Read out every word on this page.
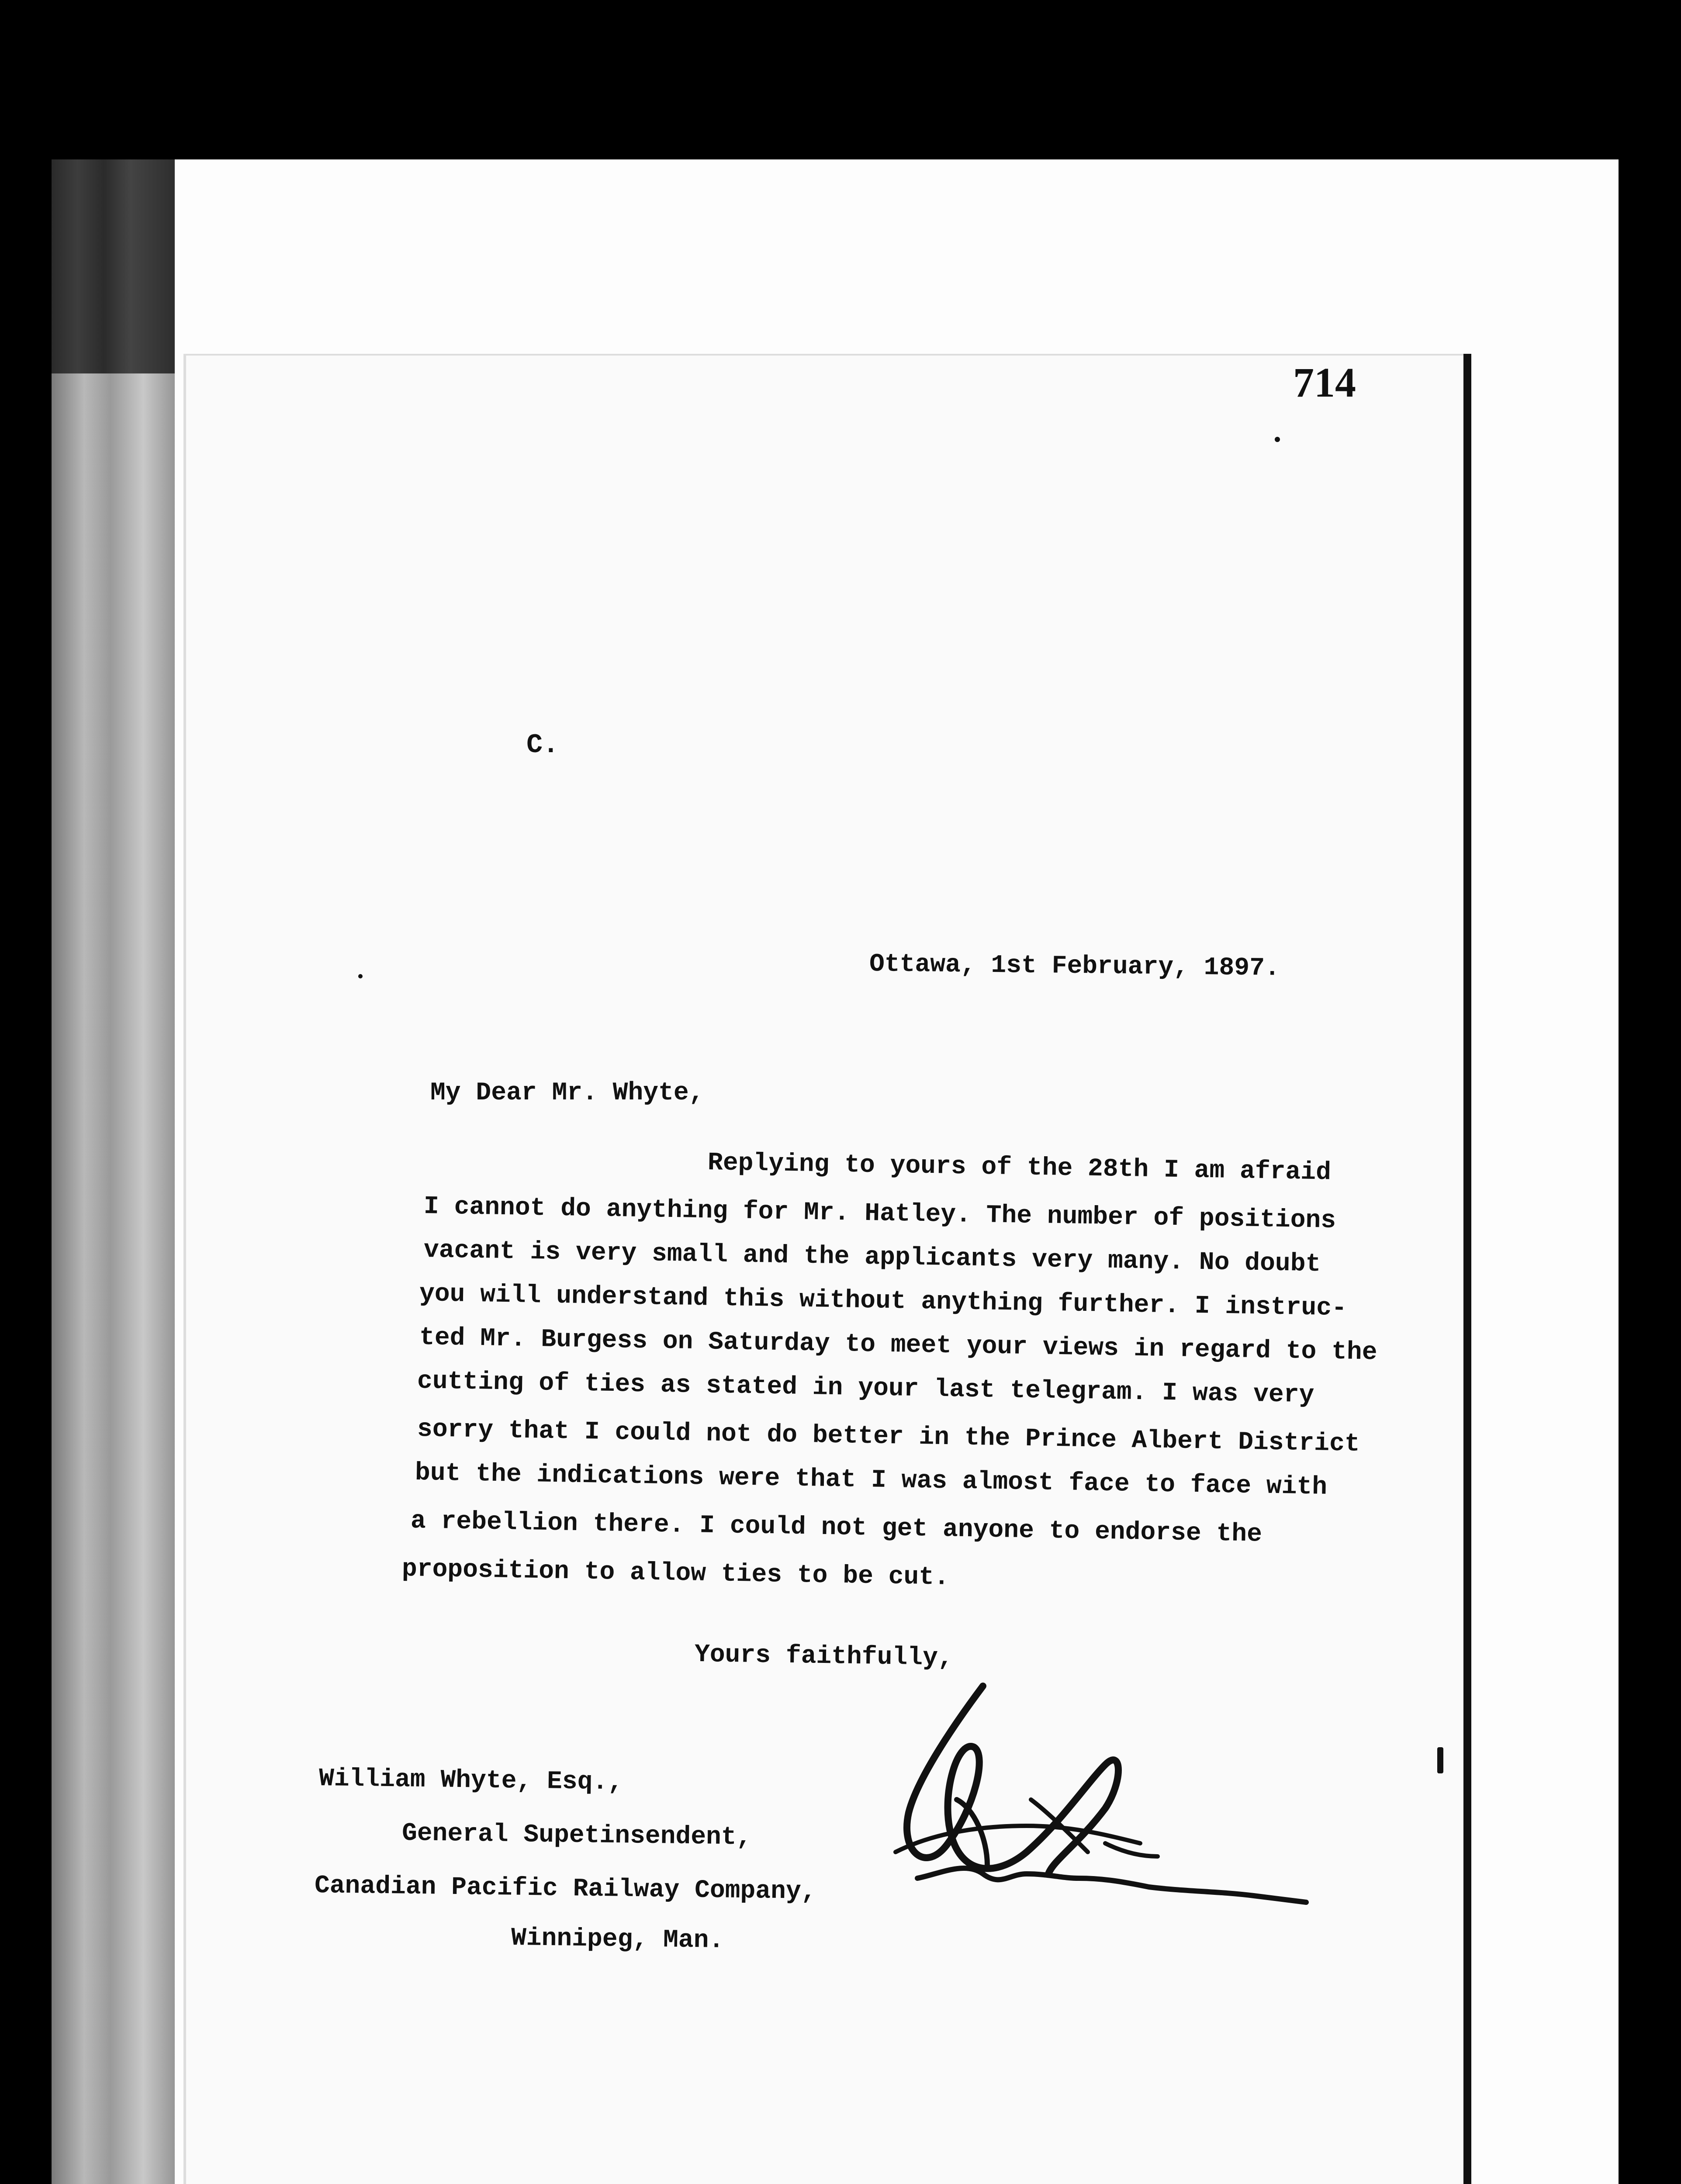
714
C.
Ottawa, 1st February, 1897.
My Dear Mr. Whyte,
Replying to yours of the 28th I am afraid
I cannot do anything for Mr. Hatley. The number of positions
vacant is very small and the applicants very many. No doubt
you will understand this without anything further. I instruc-
ted Mr. Burgess on Saturday to meet your views in regard to the
cutting of ties as stated in your last telegram. I was very
sorry that I could not do better in the Prince Albert District
but the indications were that I was almost face to face with
a rebellion there. I could not get anyone to endorse the
proposition to allow ties to be cut.
Yours faithfully,
William Whyte, Esq.,
General Supetinsendent,
Canadian Pacific Railway Company,
Winnipeg, Man.
